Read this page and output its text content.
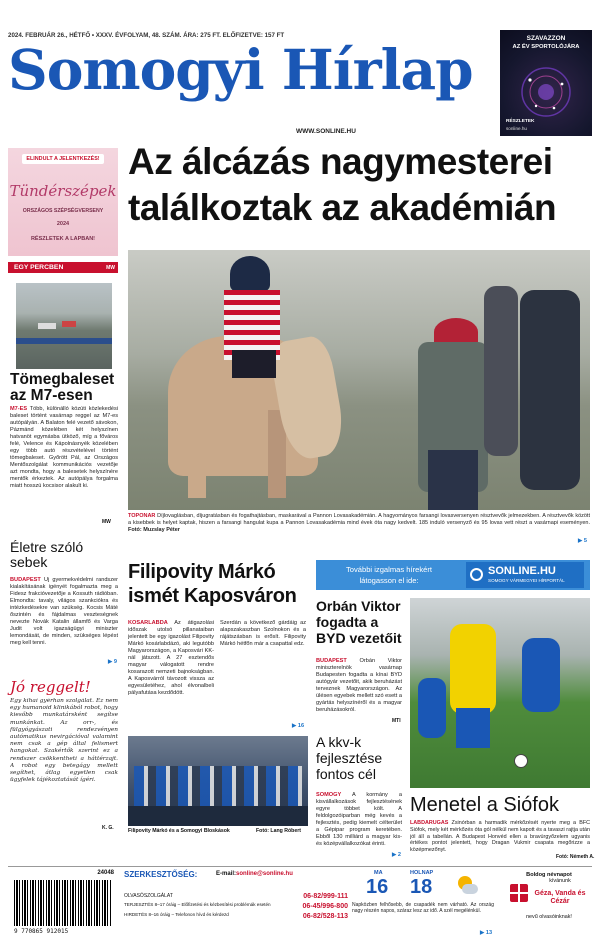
2024. FEBRUÁR 26., HÉTFŐ • XXXV. ÉVFOLYAM, 48. SZÁM. ÁRA: 275 FT. ELŐFIZETVE: 157 FT
Somogyi Hírlap
WWW.SONLINE.HU
SZAVAZZON
AZ ÉV SPORTOLÓJÁRA
RÉSZLETEK
sonline.hu
ELINDULT A JELENTKEZÉS!
Tündérszépek
ORSZÁGOS SZÉPSÉGVERSENY
2024
RÉSZLETEK A LAPBAN!
EGY PERCBEN	MW
Tömegbaleset az M7-esen
M7-ES Több, különálló közúti közlekedési baleset történt vasárnap reggel az M7-es autópályán. A Balaton felé vezető sávokon, Pázmánd közelében két helyszínen hatvanöt egymásba ütköző, míg a főváros felé, Velence és Kápolnásnyék közelében egy több autó részvételével történt tömegbaleset. Győrött Pál, az Országos Mentőszolgálat kommunikációs vezetője azt mondta, hogy a balesetek helyszínére mentők érkeztek. Az autópálya forgalma miatt hosszú kocsisor alakult ki.
MW
Életre szóló sebek
BUDAPEST Új gyermekvédelmi randszer kialakításának igényét fogalmazta meg a Fidesz frakcióvezetője a Kossuth rádióban. Elmondta: tavaly, világos szankciókra és intézkedésekre van szükség. Kocsis Máté őszintén és fájdalmas veszteségnek nevezte Novák Katalin államfő és Varga Judit volt igazságügyi miniszter lemondását, de minden, szükséges lépést meg kell tenni.
▶ 9
Jó reggelt!
Egy kihaí gyérhan szolgálat. Ez nem egy humanoid klinikából robot, hogy kiesőbb munkatársként segítse munkánkat. Az orr-, és fülgyógyászati rendezvényen autómatikus nevirgációval valamint nem csak a gép által felismert hangokat. Szakértők szerint ez a rendszer csökkentheti a háttérzajt. A robot egy betegágy mellett segíthet, átlag egyetlen csak ügyfelek tájékoztatását ígéri.
K. G.
Az álcázás nagymesterei
találkoztak az akadémián
TOPONÁR Díjlovaglásban, díjugratásban és fogathajtásban, maskarával a Pannon Lovasakadémián. A hagyományos farsangi lovasversenyen résztvevők jelmezekben. A résztvevők között a kisebbek is helyet kaptak, hiszen a farsangi hangulat kupa a Pannon Lovasakadémia mind évek óta nagy kedvelt. 185 induló versenyző és 95 lovas vett részt a vasárnapi eseményen. Fotó: Muzslay Péter
▶ 5
Filipovity Márkó ismét Kaposváron
KOSÁRLABDA Az átigazolási időszak utolsó pillanataiban jelentett be egy igazolást Filipovity Márkó kosárlabdázó, aki legutóbb Magyarországon, a Kaposvári KK-nál játszott. A 27 esztendős magyar válogatott rendre kosarazott nemzeti bajnokságban. A Kaposvárról távozott vissza az egyesületéhez, ahol élvonalbeli pályafutása kezdődött.
Szerdán a következő gárdáig az alapszakaszban Szolnokon és a rájátszásban is erősít. Filipovity Márkó hétfőn már a csapattal edz.
▶ 16
Filipovity Márkó és a Somogyi Bloskások	Fotó: Lang Róbert
További izgalmas hírekért
látogasson el ide:
SONLINE.HU
SOMOGY VÁRMEGYEI HÍRPORTÁL
Orbán Viktor fogadta a BYD vezetőit
BUDAPEST Orbán Viktor miniszterelnök vasárnap Budapesten fogadta a kínai BYD autógyár vezetőit, akik beruházást terveznek Magyarországon. Az ülésen egyebek mellett szó esett a gyártás helyszínéről és a magyar beruházásokról.
MTI
A kkv-k fejlesztése fontos cél
SOMOGY A kormány a kisvállalkozások fejlesztésének egyre többet költ. A feldolgozóiparban még kevés a fejlesztés, pedig kiemelt célterület a Gépipar program keretében. Ebből 130 milliárd a magyar kis- és középvállalkozókat érinti.
▶ 2
Menetel a Siófok
LABDARÚGÁS Zsinórban a harmadik mérkőzését nyerte meg a BFC Siófok, mely két mérkőzés óta gól nélkül nem kapott és a tavaszi rajtja után jól áll a tabellán. A Budapest Honvéd ellen a bravúrgyőzelem ugyanis értékes pontot jelentett, hogy Dragan Vukmir csapata megőrizze a középmezőnyt.
Fotó: Németh A.
24048
9 770865 912015
SZERKESZTŐSÉG:	E-mail: sonline@sonline.hu
OLVASÓSZOLGÁLAT
TERJESZTÉS 8–17 óráig – Előfizetési és kézbesítési problémák esetén
06-82/999-111
HIRDETÉS 8–16 óráig – Telefonon hívd és kérdezd
06-45/996-800
06-82/528-113
MA
16
HOLNAP
18
Napközben felhősebb, de csapadék nem várható. Az ország nagy részén napos, száraz lesz az idő. A szél megélénkül.
▶ 13
Boldog névnapot
kívánunk
Géza, Vanda és Cézár
nevű olvasóinknak!
